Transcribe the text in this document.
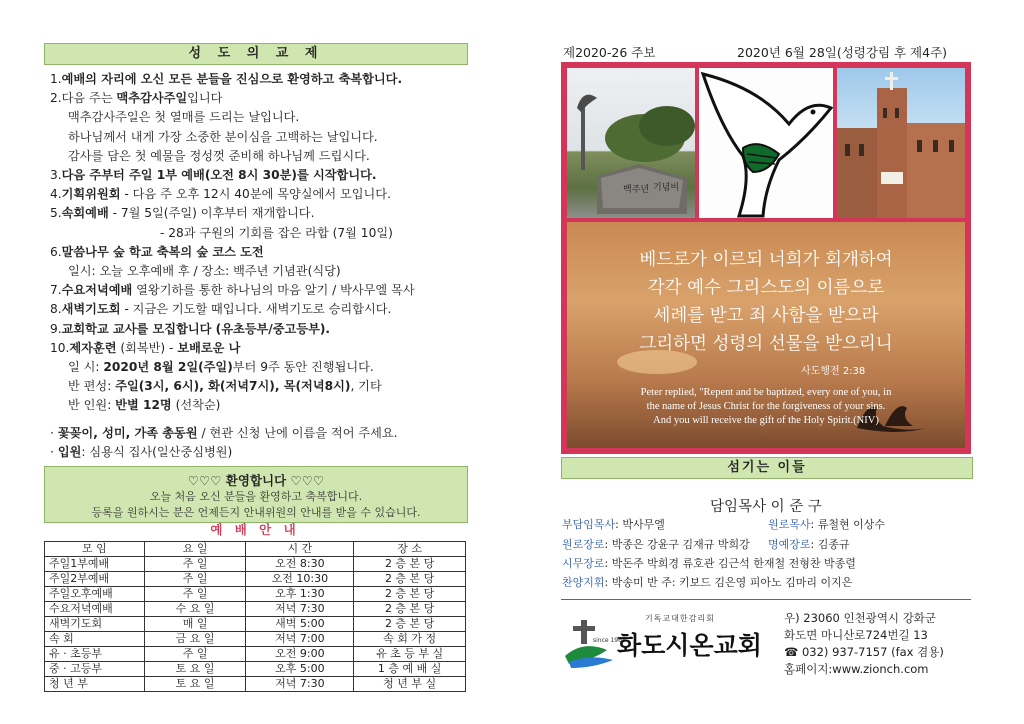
성 도 의 교 제
1.예배의 자리에 오신 모든 분들을 진심으로 환영하고 축복합니다.
2.다음 주는 맥추감사주일입니다
맥추감사주일은 첫 열매를 드리는 날입니다.
하나님께서 내게 가장 소중한 분이심을 고백하는 날입니다.
감사를 담은 첫 예물을 정성껏 준비해 하나님께 드립시다.
3.다음 주부터 주일 1부 예배(오전 8시 30분)를 시작합니다.
4.기획위원회 - 다음 주 오후 12시 40분에 목양실에서 모입니다.
5.속회예배 - 7월 5일(주일) 이후부터 재개합니다.
- 28과 구원의 기회를 잡은 라합 (7월 10일)
6.말씀나무 숲 학교 축복의 숲 코스 도전
일시: 오늘 오후예배 후 / 장소: 백주년 기념관(식당)
7.수요저녁예배 열왕기하를 통한 하나님의 마음 알기 / 박사무엘 목사
8.새벽기도회 - 지금은 기도할 때입니다. 새벽기도로 승리합시다.
9.교회학교 교사를 모집합니다 (유초등부/중고등부).
10.제자훈련 (회복반) - 보배로운 나
일 시: 2020년 8월 2일(주일)부터 9주 동안 진행됩니다.
반 편성: 주일(3시, 6시), 화(저녁7시), 목(저녁8시), 기타
반 인원: 반별 12명 (선착순)
· 꽃꽂이, 성미, 가족 총동원 / 현관 신청 난에 이름을 적어 주세요.
· 입원: 심용식 집사(일산중심병원)
♡♡♡ 환영합니다 ♡♡♡
오늘 처음 오신 분들을 환영하고 축복합니다.
등록을 원하시는 분은 언제든지 안내위원의 안내를 받을 수 있습니다.
예 배 안 내
모 임	요 일	시 간	장 소
주일1부예배	주 일	오전 8:30	2 층 본 당
주일2부예배	주 일	오전 10:30	2 층 본 당
주일오후예배	주 일	오후 1:30	2 층 본 당
수요저녁예배	수 요 일	저녁 7:30	2 층 본 당
새벽기도회	매 일	새벽 5:00	2 층 본 당
속 회	금 요 일	저녁 7:00	속 회 가 정
유 · 초등부	주 일	오전 9:00	유 초 등 부 실
중 · 고등부	토 요 일	오후 5:00	1 층 예 배 실
청 년 부	토 요 일	저녁 7:30	청 년 부 실
제2020-26 주보	2020년 6월 28일(성령강림 후 제4주)
백주년 기념비
베드로가 이르되 너희가 회개하여
각각 예수 그리스도의 이름으로
세례를 받고 죄 사함을 받으라
그리하면 성령의 선물을 받으리니
사도행전 2:38
Peter replied, "Repent and be baptized, every one of you, in
the name of Jesus Christ for the forgiveness of your sins.
And you will receive the gift of the Holy Spirit.(NIV)
섬기는 이들
담임목사 이 준 구
부담임목사: 박사무엘	원로목사: 류철현 이상수
원로장로: 박종은 강윤구 김재규 박희강 명예장로: 김종규
시무장로: 박돈주 박희경 류호관 김근석 한재철 전형찬 박종렬
찬양지휘: 박송미 반 주: 키보드 김은영 피아노 김마리 이지은
since 1905
기독교대한감리회
화도시온교회
우) 23060 인천광역시 강화군
화도면 마니산로724번길 13
☎ 032) 937-7157 (fax 겸용)
홈페이지:www.zionch.com
